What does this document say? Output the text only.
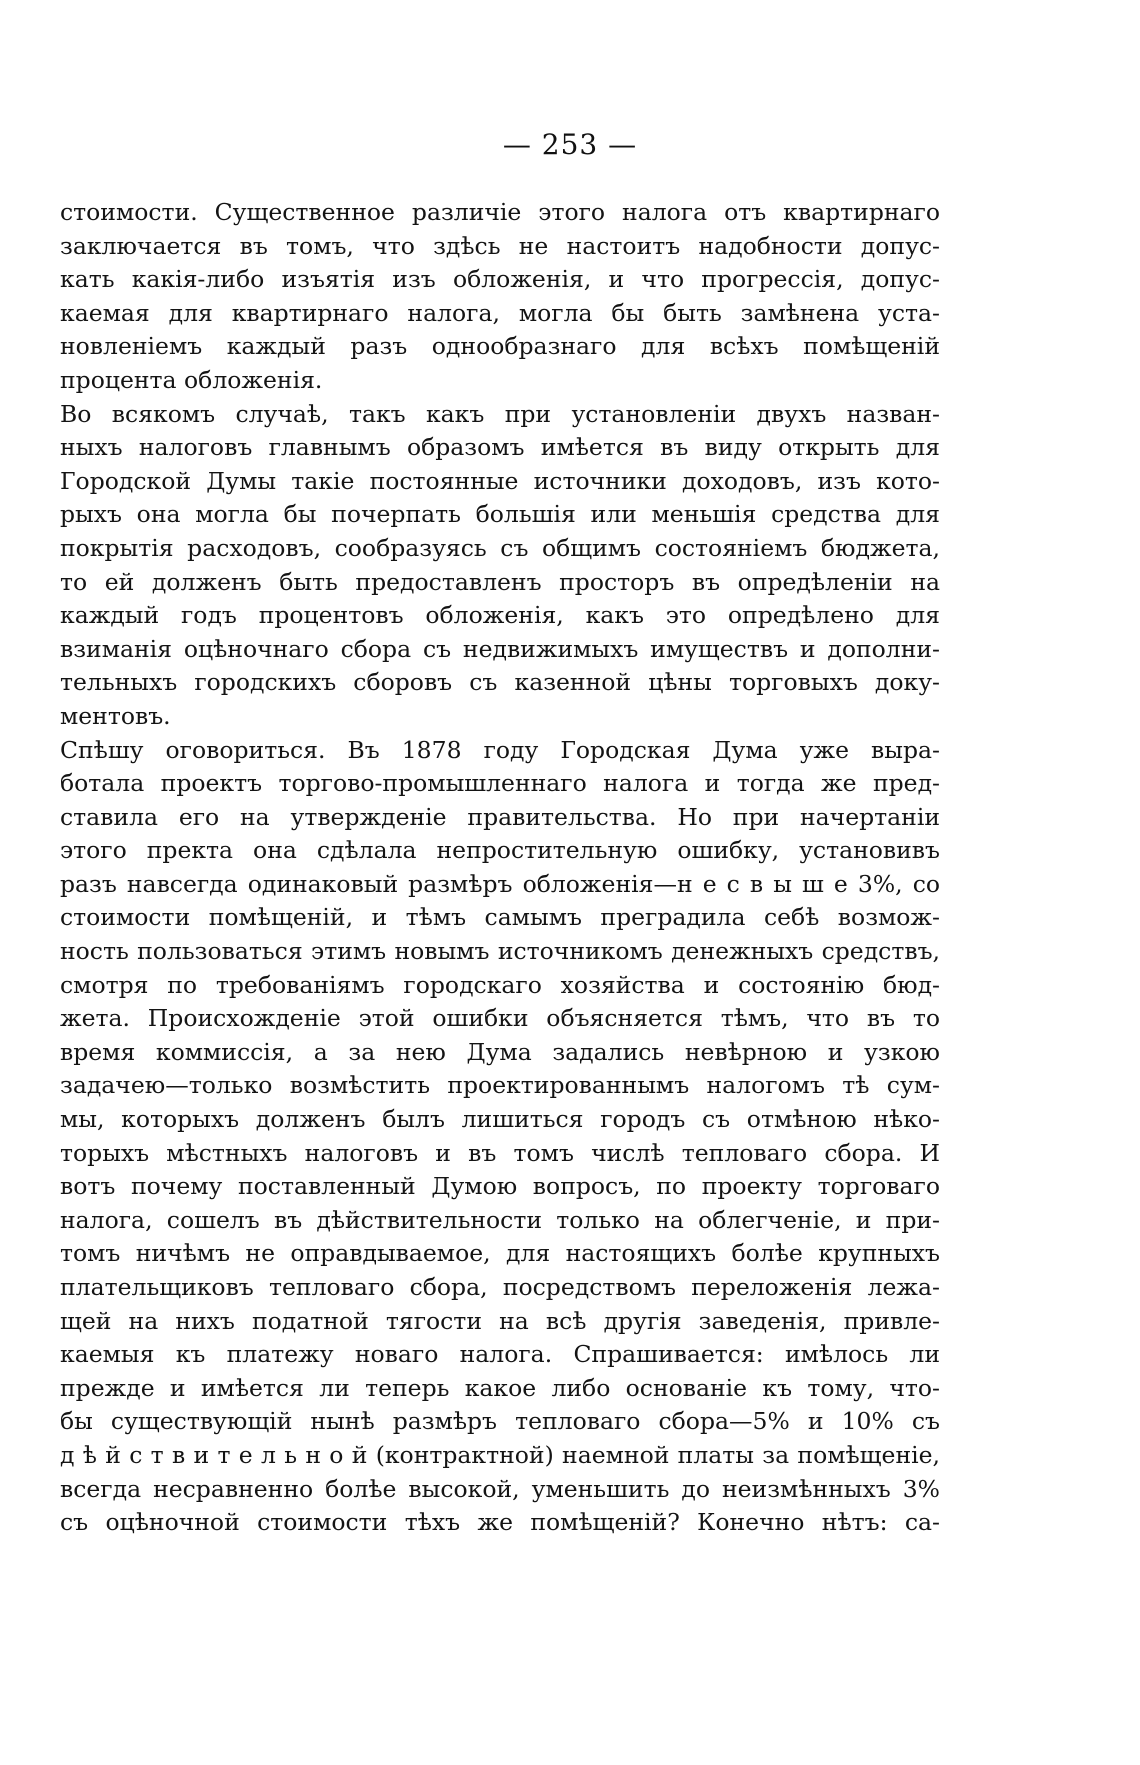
— 253 —
стоимости. Существенное различіе этого налога отъ квартирнаго
заключается въ томъ, что здѣсь не настоитъ надобности допус-
кать какія-либо изъятія изъ обложенія, и что прогрессія, допус-
каемая для квартирнаго налога, могла бы быть замѣнена уста-
новленіемъ каждый разъ однообразнаго для всѣхъ помѣщеній
процента обложенія.
Во всякомъ случаѣ, такъ какъ при установленіи двухъ назван-
ныхъ налоговъ главнымъ образомъ имѣется въ виду открыть для
Городской Думы такіе постоянные источники доходовъ, изъ кото-
рыхъ она могла бы почерпать большія или меньшія средства для
покрытія расходовъ, сообразуясь съ общимъ состояніемъ бюджета,
то ей долженъ быть предоставленъ просторъ въ опредѣленіи на
каждый годъ процентовъ обложенія, какъ это опредѣлено для
взиманія оцѣночнаго сбора съ недвижимыхъ имуществъ и дополни-
тельныхъ городскихъ сборовъ съ казенной цѣны торговыхъ доку-
ментовъ.
Спѣшу оговориться. Въ 1878 году Городская Дума уже выра-
ботала проектъ торгово-промышленнаго налога и тогда же пред-
ставила его на утвержденіе правительства. Но при начертаніи
этого пректа она сдѣлала непростительную ошибку, установивъ
разъ навсегда одинаковый размѣръ обложенія—н е с в ы ш е 3%, со
стоимости помѣщеній, и тѣмъ самымъ преградила себѣ возмож-
ность пользоваться этимъ новымъ источникомъ денежныхъ средствъ,
смотря по требованіямъ городскаго хозяйства и состоянію бюд-
жета. Происхожденіе этой ошибки объясняется тѣмъ, что въ то
время коммиссія, а за нею Дума задались невѣрною и узкою
задачею—только возмѣстить проектированнымъ налогомъ тѣ сум-
мы, которыхъ долженъ былъ лишиться городъ съ отмѣною нѣко-
торыхъ мѣстныхъ налоговъ и въ томъ числѣ тепловаго сбора. И
вотъ почему поставленный Думою вопросъ, по проекту торговаго
налога, сошелъ въ дѣйствительности только на облегченіе, и при-
томъ ничѣмъ не оправдываемое, для настоящихъ болѣе крупныхъ
плательщиковъ тепловаго сбора, посредствомъ переложенія лежа-
щей на нихъ податной тягости на всѣ другія заведенія, привле-
каемыя къ платежу новаго налога. Спрашивается: имѣлось ли
прежде и имѣется ли теперь какое либо основаніе къ тому, что-
бы существующій нынѣ размѣръ тепловаго сбора—5% и 10% съ
д ѣ й с т в и т е л ь н о й (контрактной) наемной платы за помѣщеніе,
всегда несравненно болѣе высокой, уменьшить до неизмѣнныхъ 3%
съ оцѣночной стоимости тѣхъ же помѣщеній? Конечно нѣтъ: са-
